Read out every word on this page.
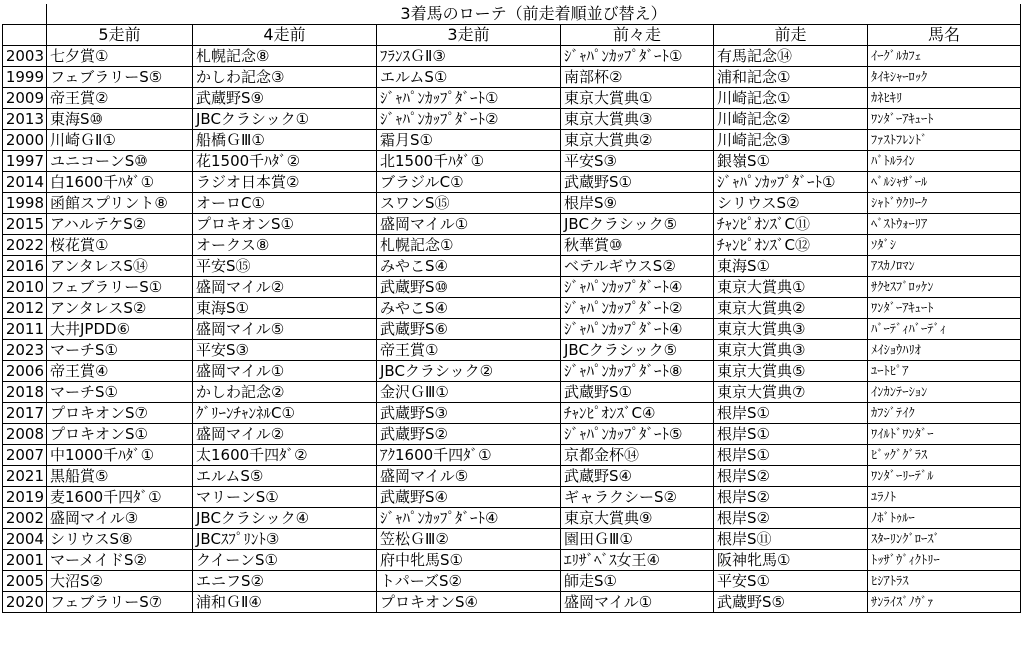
	3着馬のローテ（前走着順並び替え）					
	5走前	4走前	3走前	前々走	前走	馬名
2003	七夕賞①	札幌記念⑧	ﾌﾗﾝｽＧⅡ③	ｼﾞｬﾊﾟﾝｶｯﾌﾟﾀﾞｰﾄ①	有馬記念⑭	ｲｰｸﾞﾙｶﾌｪ
1999	フェブラリーS⑤	かしわ記念③	エルムS①	南部杯②	浦和記念①	ﾀｲｷｼｬｰﾛｯｸ
2009	帝王賞②	武蔵野S⑨	ｼﾞｬﾊﾟﾝｶｯﾌﾟﾀﾞｰﾄ①	東京大賞典①	川崎記念①	ｶﾈﾋｷﾘ
2013	東海S⑩	JBCクラシック①	ｼﾞｬﾊﾟﾝｶｯﾌﾟﾀﾞｰﾄ②	東京大賞典③	川崎記念②	ﾜﾝﾀﾞｰｱｷｭｰﾄ
2000	川崎ＧⅡ①	船橋ＧⅢ①	霜月S①	東京大賞典②	川崎記念③	ﾌｧｽﾄﾌﾚﾝﾄﾞ
1997	ユニコーンS⑩	花1500千ﾊﾀﾞ②	北1500千ﾊﾀﾞ①	平安S③	銀嶺S①	ﾊﾞﾄﾙﾗｲﾝ
2014	白1600千ﾊﾀﾞ①	ラジオ日本賞②	ブラジルC①	武蔵野S①	ｼﾞｬﾊﾟﾝｶｯﾌﾟﾀﾞｰﾄ①	ﾍﾞﾙｼｬｻﾞｰﾙ
1998	函館スプリント⑧	オーロC①	スワンS⑮	根岸S⑨	シリウスS②	ｼｬﾄﾞｳｸﾘｰｸ
2015	アハルテケS②	プロキオンS①	盛岡マイル①	JBCクラシック⑤	ﾁｬﾝﾋﾟｵﾝｽﾞC⑪	ﾍﾞｽﾄｳｫｰﾘｱ
2022	桜花賞①	オークス⑧	札幌記念①	秋華賞⑩	ﾁｬﾝﾋﾟｵﾝｽﾞC⑫	ｿﾀﾞｼ
2016	アンタレスS⑭	平安S⑮	みやこS④	ベテルギウスS②	東海S①	ｱｽｶﾉﾛﾏﾝ
2010	フェブラリーS①	盛岡マイル②	武蔵野S⑩	ｼﾞｬﾊﾟﾝｶｯﾌﾟﾀﾞｰﾄ④	東京大賞典①	ｻｸｾｽﾌﾞﾛｯｹﾝ
2012	アンタレスS②	東海S①	みやこS④	ｼﾞｬﾊﾟﾝｶｯﾌﾟﾀﾞｰﾄ②	東京大賞典②	ﾜﾝﾀﾞｰｱｷｭｰﾄ
2011	大井JPDD⑥	盛岡マイル⑤	武蔵野S⑥	ｼﾞｬﾊﾟﾝｶｯﾌﾟﾀﾞｰﾄ④	東京大賞典③	ﾊﾞｰﾃﾞｨﾊﾞｰﾃﾞｨ
2023	マーチS①	平安S③	帝王賞①	JBCクラシック⑤	東京大賞典③	ﾒｲｼｮｳﾊﾘｵ
2006	帝王賞④	盛岡マイル①	JBCクラシック②	ｼﾞｬﾊﾟﾝｶｯﾌﾟﾀﾞｰﾄ⑧	東京大賞典⑤	ﾕｰﾄﾋﾟｱ
2018	マーチS①	かしわ記念②	金沢ＧⅢ①	武蔵野S①	東京大賞典⑦	ｲﾝｶﾝﾃｰｼｮﾝ
2017	プロキオンS⑦	ｸﾞﾘｰﾝﾁｬﾝﾈﾙC①	武蔵野S③	ﾁｬﾝﾋﾟｵﾝｽﾞC④	根岸S①	ｶﾌｼﾞﾃｲｸ
2008	プロキオンS①	盛岡マイル②	武蔵野S②	ｼﾞｬﾊﾟﾝｶｯﾌﾟﾀﾞｰﾄ⑤	根岸S①	ﾜｲﾙﾄﾞﾜﾝﾀﾞｰ
2007	中1000千ﾊﾀﾞ①	太1600千四ﾀﾞ②	ｱｸ1600千四ﾀﾞ①	京都金杯⑭	根岸S①	ﾋﾞｯｸﾞｸﾞﾗｽ
2021	黒船賞⑤	エルムS⑤	盛岡マイル⑤	武蔵野S④	根岸S②	ﾜﾝﾀﾞｰﾘｰﾃﾞﾙ
2019	麦1600千四ﾀﾞ①	マリーンS①	武蔵野S④	ギャラクシーS②	根岸S②	ﾕﾗﾉﾄ
2002	盛岡マイル③	JBCクラシック④	ｼﾞｬﾊﾟﾝｶｯﾌﾟﾀﾞｰﾄ④	東京大賞典⑨	根岸S②	ﾉﾎﾞﾄｩﾙｰ
2004	シリウスS⑧	JBCｽﾌﾟﾘﾝﾄ③	笠松ＧⅢ②	園田ＧⅢ①	根岸S⑪	ｽﾀｰﾘﾝｸﾞﾛｰｽﾞ
2001	マーメイドS②	クイーンS①	府中牝馬S①	ｴﾘｻﾞﾍﾞｽ女王④	阪神牝馬①	ﾄｯｻﾞｳﾞｨｸﾄﾘｰ
2005	大沼S②	エニフS②	トパーズS②	師走S①	平安S①	ﾋｼｱﾄﾗｽ
2020	フェブラリーS⑦	浦和ＧⅡ④	プロキオンS④	盛岡マイル①	武蔵野S⑤	ｻﾝﾗｲｽﾞﾉｳﾞｧ
